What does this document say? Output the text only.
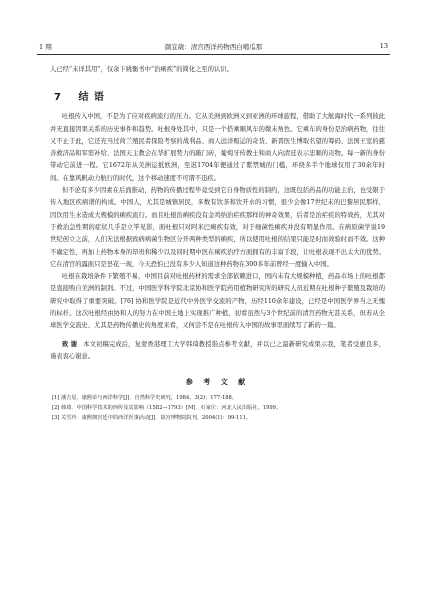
1 期	颜宜葳：清宫西洋药物西白噶瓜那	13

人已经“未详其用”，仅余下姚衡书中“治痢疾”的简化之至的认识。

7 结 语

吐根传入中国，不是为了应对疾病流行的压力。它从美洲到欧洲又到亚洲的环球旅程，借助了大航海时代一系列彼此并无直接因果关系的历史事件和趋势。吐根身处其中，只是一个搭乘顺风车的微末角色。它乘车的身份是治病药物，往往又不止于此，它还充当过荷兰殖民者探险考察的战利品、商人远洋贩运的奇货、新晋医生博取名望的筹码、法国王室的慈善救济品和军需补给、法国天主教会在华扩展势力的敲门砖，葡萄牙传教士和商人向清廷表示忠顺的贡物。每一新的身份带动它前进一程。它1672年从美洲运抵欧洲，至迟1704年便通过了紫禁城的门槛，环绕多半个地球仅用了30余年时间。在靠风帆动力航行的时代，这个移动速度不可谓不迅疾。

但不论有多少因素在后面推动，药物的传播过程毕竟受到它自身物质性的制约，这既包括药品的功能主治，也受限于传入地区疾病谱的构成。中国人，尤其是城镇居民，多数有饮茶和饮开水的习惯，很少会像17世纪末的巴黎居民那样，因饮用生水造成大规模的痢疾流行。而且吐根治痢疾役有金鸡纳治疟疾那样的神奇效果，后者是治疟疾的特效药，尤其对于救治急性期的症状几乎是立竿见影，面吐根只对阿米巴痢疾有效，对于细菌性痢疾并没有明显作用。在病原菌学说19世纪创立之前，人们无法根据致病病菌生物区分开两种类型的痢疾，所以使用吐根的结果只能是时而效验时而不效。这种不确定性，再加上药物本身的昂贵和稀少以及同时期中医在痢疾治疗方面拥有的丰富手段，让吐根表现不出太大的优势。它在清宫的露面只是昙花一现，今天恐怕已没有多少人知道这种药物在300多年前曾经一度输入中国。

吐根在栽培条件下繁殖不易，中国目前对吐根药材的需求全部依赖进口，国内未有大规模种植，药品市场上的吐根都是直接购自美洲的制剂。不过，中国医学科学院北京协和医学院药用植物研究所的研究人员近期在吐根种子繁殖及栽培的研究中取得了重要突破。[76] 协和医学院是近代中外医学交流的产物，历经110余年建设，已经是中国医学界当之无愧的标杆。这次吐根经由协和人的努力在中国土地上实现推广种植，初看虽然与3个世纪前的清宫药物无甚关系，但若从全球医学交流史、尤其是药物传播史的角度来看，又何尝不是在吐根传入中国的故事里面续写了新的一篇。

致 谢 本文初稿完成后，复蒙香港理工大学韩琦教授指点参考文献，并以已之最新研究成果示我，笔者受惠良多，谨表衷心谢意。
参 考 文 献
[1] 潘吉星．康熙帝与西洋科学[J]．自然科学史研究，1984，3(2)：177-188。
[2] 韩琦．中国科学技术的西传及其影响（1582—1793）[M]．石家庄：河北人民出版社，1999。
[3] 关雪玲．康熙朝宫廷中的西洋医事活动[J]．故宫博物院院刊，2004(1)：99-111。
